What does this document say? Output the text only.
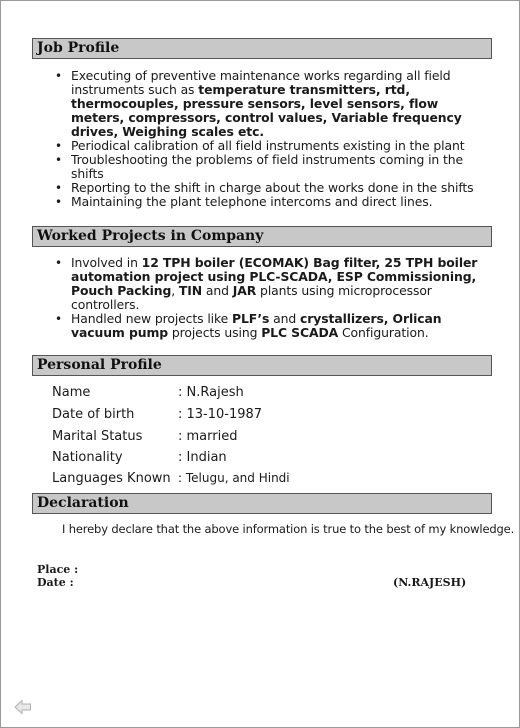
Job Profile
• Executing of preventive maintenance works regarding all field instruments such as temperature transmitters, rtd, thermocouples, pressure sensors, level sensors, flow meters, compressors, control values, Variable frequency drives, Weighing scales etc.
• Periodical calibration of all field instruments existing in the plant
• Troubleshooting the problems of field instruments coming in the shifts
• Reporting to the shift in charge about the works done in the shifts
• Maintaining the plant telephone intercoms and direct lines.
Worked Projects in Company
• Involved in 12 TPH boiler (ECOMAK) Bag filter, 25 TPH boiler automation project using PLC-SCADA, ESP Commissioning, Pouch Packing, TIN and JAR plants using microprocessor controllers.
• Handled new projects like PLF’s and crystallizers, Orlican vacuum pump projects using PLC SCADA Configuration.
Personal Profile
Name	: N.Rajesh
Date of birth	: 13-10-1987
Marital Status	: married
Nationality	: Indian
Languages Known : Telugu, and Hindi
Declaration
I hereby declare that the above information is true to the best of my knowledge.
Place :
Date :	(N.RAJESH)
